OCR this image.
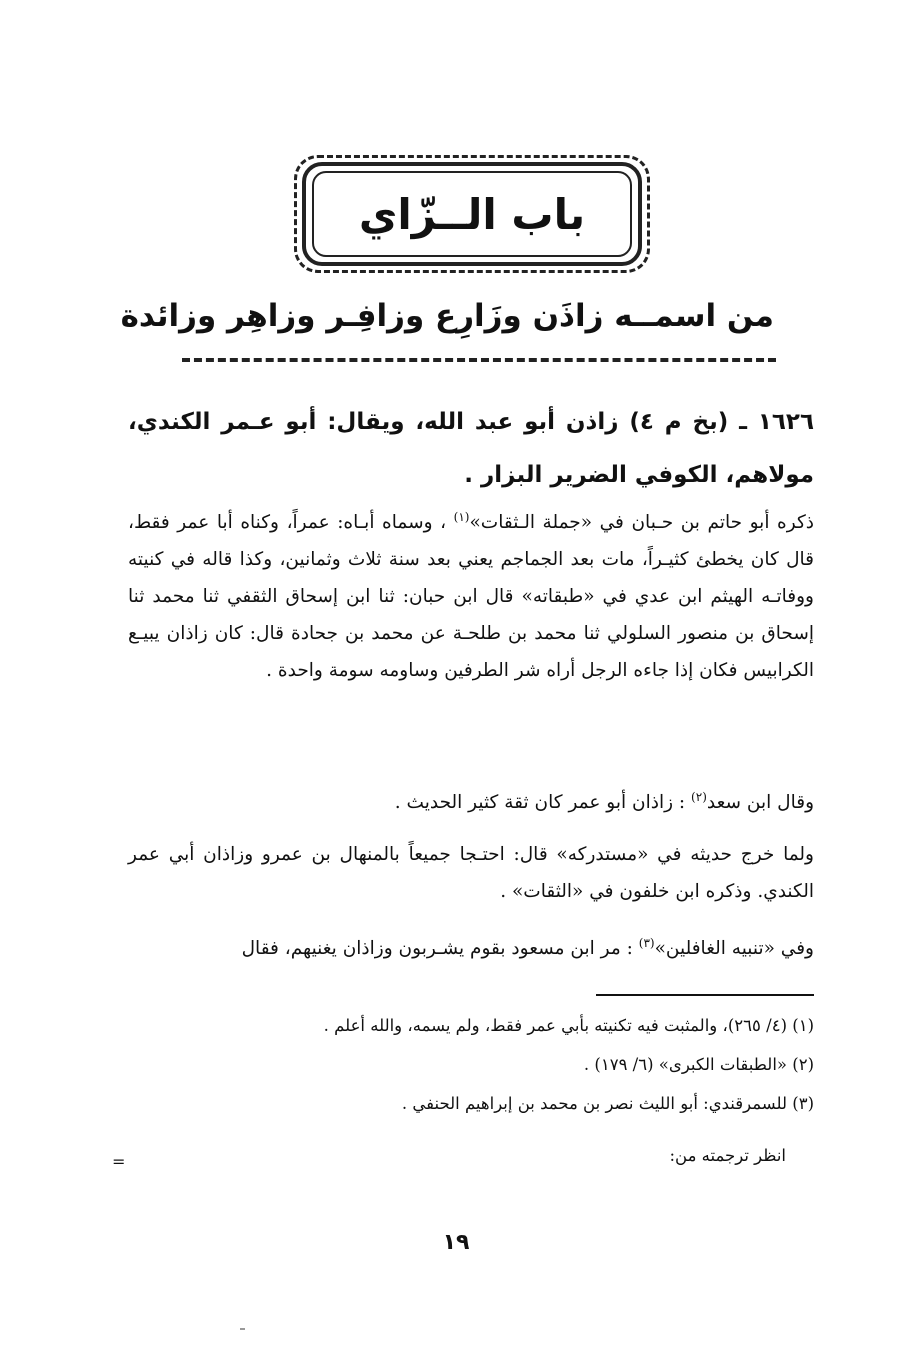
باب الــزّاي
من اسمــه زاذَن وزَارِع وزافِـر وزاهِر وزائدة
١٦٢٦ ـ (بخ م ٤) زاذن أبو عبد الله، ويقال: أبو عـمر الكندي، مولاهم، الكوفي الضرير البزار .
ذكره أبو حاتم بن حـبان في «جملة الـثقات»$^{(١)}$ ، وسماه أبـاه: عمراً، وكناه أبا عمر فقط، قال كان يخطئ كثيـراً، مات بعد الجماجم يعني بعد سنة ثلاث وثمانين، وكذا قاله في كنيته ووفاتـه الهيثم ابن عدي في «طبقاته» قال ابن حبان: ثنا ابن إسحاق الثقفي ثنا محمد ثنا إسحاق بن منصور السلولي ثنا محمد بن طلحـة عن محمد بن جحادة قال: كان زاذان يبيـع الكرابيس فكان إذا جاءه الرجل أراه شر الطرفين وساومه سومة واحدة .
وقال ابن سعد$^{(٢)}$ : زاذان أبو عمر كان ثقة كثير الحديث .
ولما خرج حديثه في «مستدركه» قال: احتـجا جميعاً بالمنهال بن عمرو وزاذان أبي عمر الكندي. وذكره ابن خلفون في «الثقات» .
وفي «تنبيه الغافلين»$^{(٣)}$ : مر ابن مسعود بقوم يشـربون وزاذان يغنيهم، فقال
(١) (٤/ ٢٦٥)، والمثبت فيه تكنيته بأبي عمر فقط، ولم يسمه، والله أعلم .
(٢) «الطبقات الكبرى» (٦/ ١٧٩) .
(٣) للسمرقندي: أبو الليث نصر بن محمد بن إبراهيم الحنفي .
انظر ترجمته من:
=
١٩
